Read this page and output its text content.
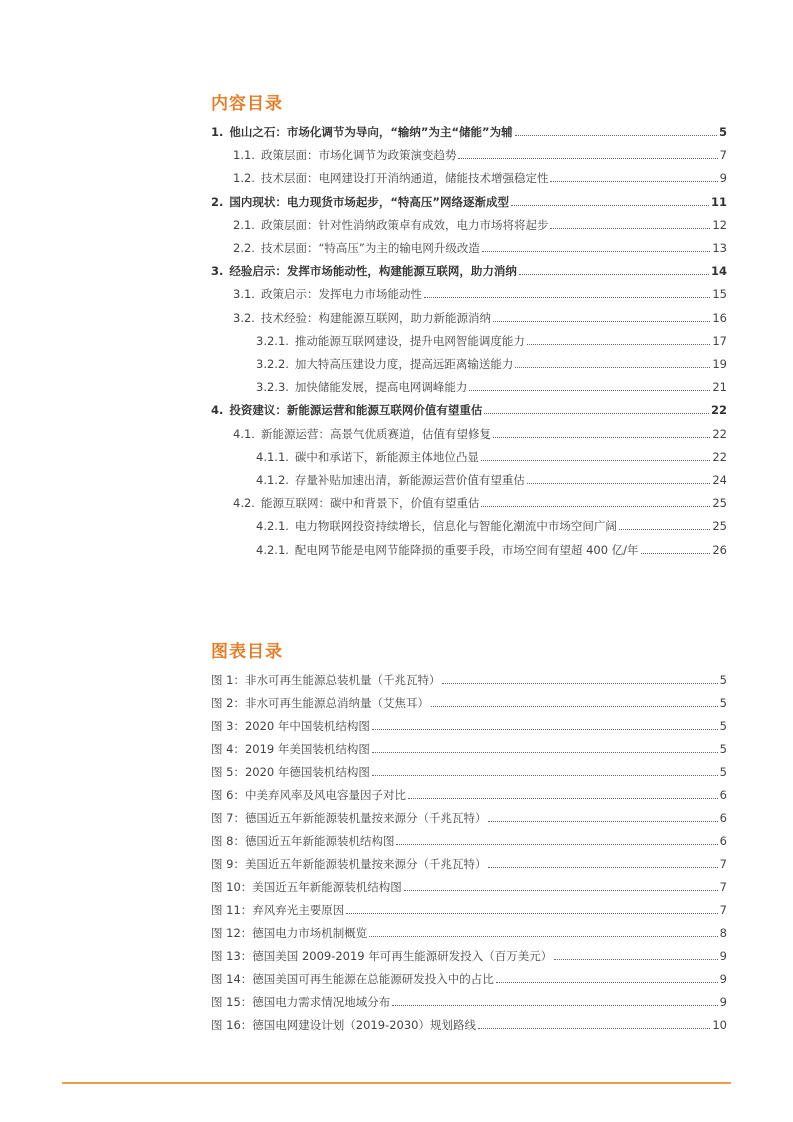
内容目录
1. 他山之石：市场化调节为导向，“输纳”为主“储能”为辅	5
1.1. 政策层面：市场化调节为政策演变趋势	7
1.2. 技术层面：电网建设打开消纳通道，储能技术增强稳定性	9
2. 国内现状：电力现货市场起步，“特高压”网络逐渐成型	11
2.1. 政策层面：针对性消纳政策卓有成效，电力市场将将起步	12
2.2. 技术层面：“特高压”为主的输电网升级改造	13
3. 经验启示：发挥市场能动性，构建能源互联网，助力消纳	14
3.1. 政策启示：发挥电力市场能动性	15
3.2. 技术经验：构建能源互联网，助力新能源消纳	16
3.2.1. 推动能源互联网建设，提升电网智能调度能力	17
3.2.2. 加大特高压建设力度，提高远距离输送能力	19
3.2.3. 加快储能发展，提高电网调峰能力	21
4. 投资建议：新能源运营和能源互联网价值有望重估	22
4.1. 新能源运营：高景气优质赛道，估值有望修复	22
4.1.1. 碳中和承诺下，新能源主体地位凸显	22
4.1.2. 存量补贴加速出清，新能源运营价值有望重估	24
4.2. 能源互联网：碳中和背景下，价值有望重估	25
4.2.1. 电力物联网投资持续增长，信息化与智能化潮流中市场空间广阔	25
4.2.1. 配电网节能是电网节能降损的重要手段，市场空间有望超 400 亿/年	26
图表目录
图 1：非水可再生能源总装机量（千兆瓦特）	5
图 2：非水可再生能源总消纳量（艾焦耳）	5
图 3：2020 年中国装机结构图	5
图 4：2019 年美国装机结构图	5
图 5：2020 年德国装机结构图	5
图 6：中美弃风率及风电容量因子对比	6
图 7：德国近五年新能源装机量按来源分（千兆瓦特）	6
图 8：德国近五年新能源装机结构图	6
图 9：美国近五年新能源装机量按来源分（千兆瓦特）	7
图 10：美国近五年新能源装机结构图	7
图 11：弃风弃光主要原因	7
图 12：德国电力市场机制概览	8
图 13：德国美国 2009-2019 年可再生能源研发投入（百万美元）	9
图 14：德国美国可再生能源在总能源研发投入中的占比	9
图 15：德国电力需求情况地域分布	9
图 16：德国电网建设计划（2019-2030）规划路线	10
